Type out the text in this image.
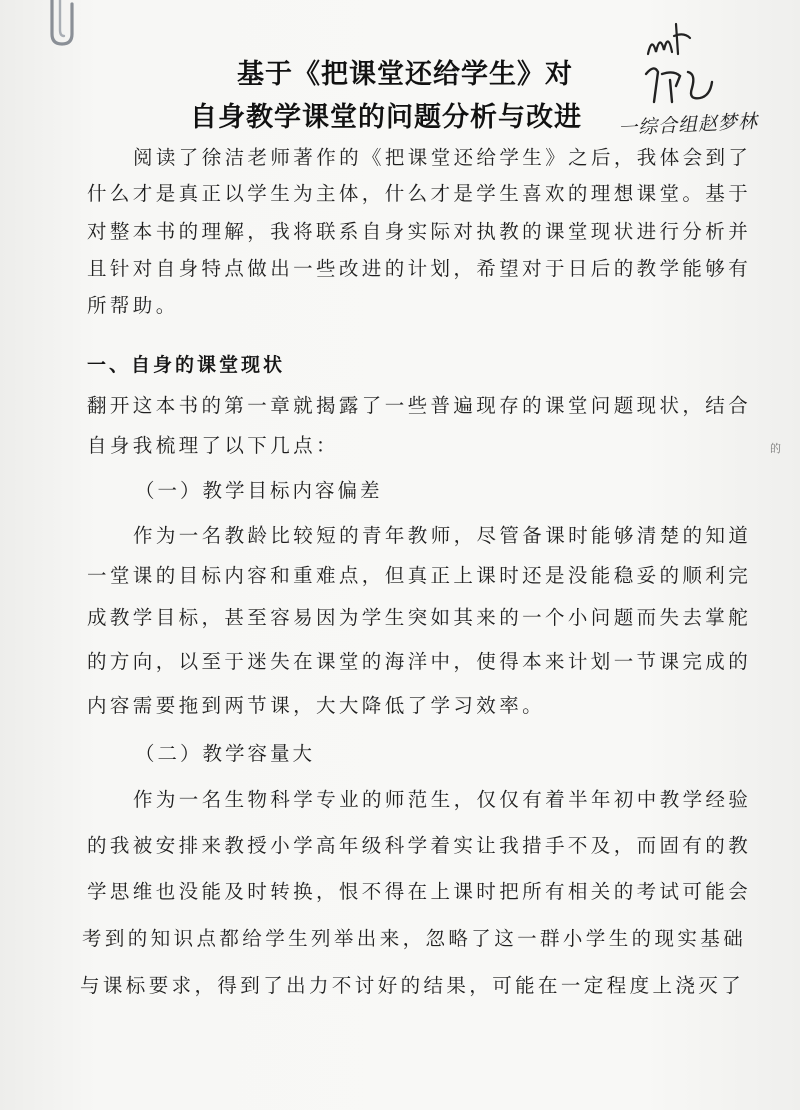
基于《把课堂还给学生》对
自身教学课堂的问题分析与改进 一综合组赵梦林
阅读了徐洁老师著作的《把课堂还给学生》之后，我体会到了
什么才是真正以学生为主体，什么才是学生喜欢的理想课堂。基于
对整本书的理解，我将联系自身实际对执教的课堂现状进行分析并
且针对自身特点做出一些改进的计划，希望对于日后的教学能够有
所帮助。
一、自身的课堂现状
翻开这本书的第一章就揭露了一些普遍现存的课堂问题现状，结合
自身我梳理了以下几点：	的
（一）教学目标内容偏差
作为一名教龄比较短的青年教师，尽管备课时能够清楚的知道
一堂课的目标内容和重难点，但真正上课时还是没能稳妥的顺利完
成教学目标，甚至容易因为学生突如其来的一个小问题而失去掌舵
的方向，以至于迷失在课堂的海洋中，使得本来计划一节课完成的
内容需要拖到两节课，大大降低了学习效率。
（二）教学容量大
作为一名生物科学专业的师范生，仅仅有着半年初中教学经验
的我被安排来教授小学高年级科学着实让我措手不及，而固有的教
学思维也没能及时转换，恨不得在上课时把所有相关的考试可能会
考到的知识点都给学生列举出来，忽略了这一群小学生的现实基础
与课标要求，得到了出力不讨好的结果，可能在一定程度上浇灭了
